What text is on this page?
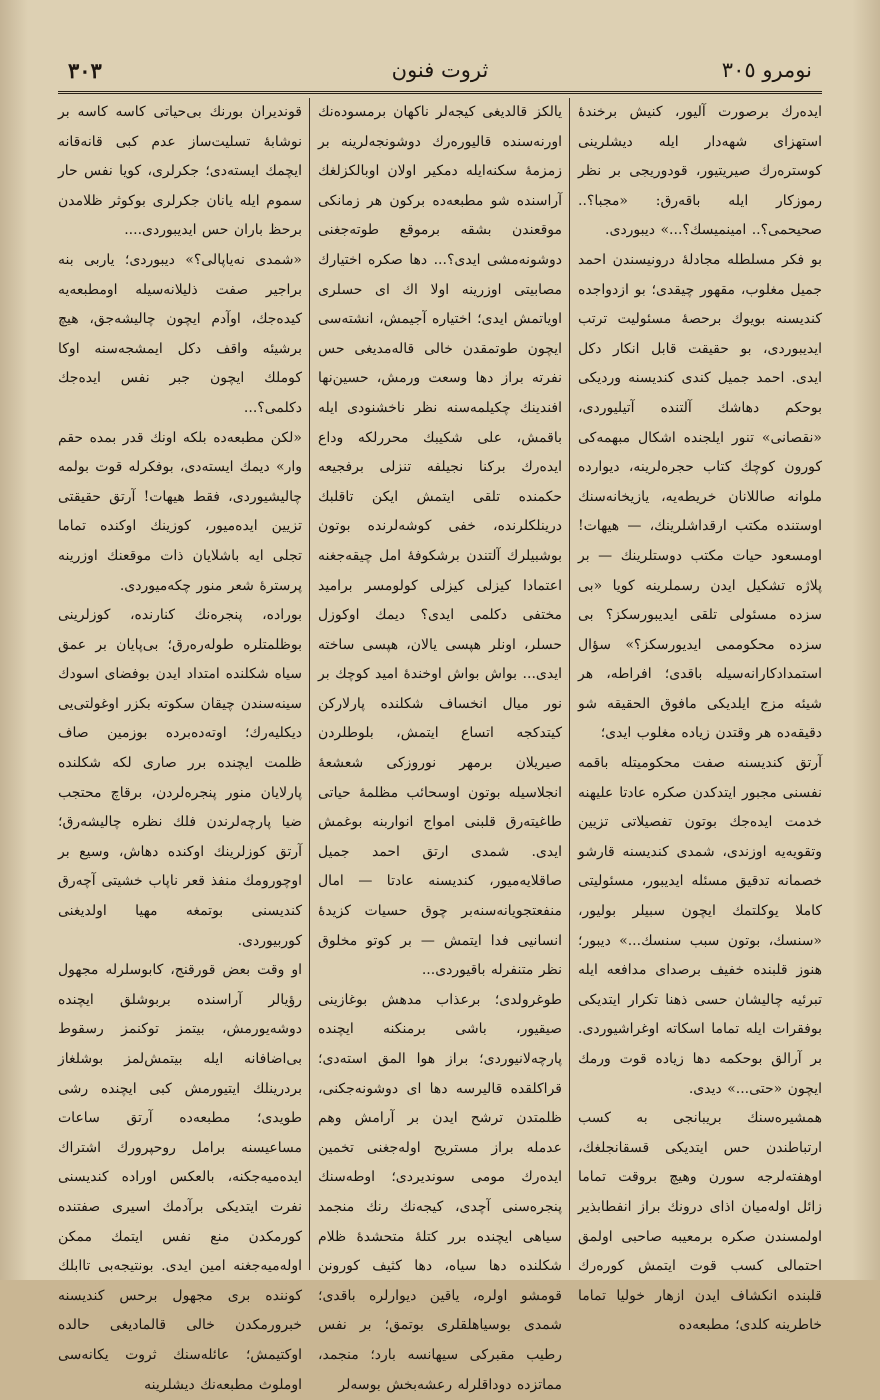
٣٠٣	ثروت فنون	نومرو ٣٠٥

ایده‌رك برصورت آلیور، كنیش برخنده‌ٔ استهزای شهه‌دار ایله دیشلرینی كوستره‌رك صیریتیور، قودوریجی بر نظر رموزكار ایله باقه‌رق: «مجبا؟.. صحیحمی؟.. امینمیسك؟...» دیبوردی.

بو فكر مسلطله مجادله‌ٔ درونیسندن احمد جمیل مغلوب، مقهور چیقدی؛ بو ازدواجده كندیسنه بویوك برحصه‌ٔ مسئولیت ترتب ایدیبوردی، بو حقیقت قابل انكار دكل ایدی. احمد جمیل كندی كندیسنه وردیكی بوحكم دهاشك آلتنده آتیلیوردی، «نقصانی» تنور ایلجنده اشكال مبهمه‌كی كورون كوچك كتاب حجره‌لرینه، دیوارده ملوانه صاللانان خریطه‌یه، یازیخانه‌سنك اوستنده مكتب ارقداشلرینك، — هیهات! اومسعود حیات مكتب دوستلرینك — بر پلاژه تشكیل ایدن رسملرینه كویا «بی سزده مسئولی تلقی ایدیبورسكز؟ بی سزده محكوممی ایدیورسكز؟» سؤال استمدادكارانه‌سیله باقدی؛ افراطه، هر شیئه مزج ایلدیكی مافوق الحقیقه شو دقیقه‌ده هر وقتدن زیاده مغلوب ایدی؛

آرتق كندیسنه صفت محكومیتله باقمه نفسنی مجبور ایتدكدن صكره عادتا علیهنه خدمت ایده‌جك بوتون تفصیلاتی تزیین وتقویه‌یه اوزندی، شمدی كندیسنه قارشو خصمانه تدقیق مسئله ایدیبور، مسئولیتی كاملا یوكلتمك ایچون سبیلر بولیور، «سنسك، بوتون سبب سنسك...» دیبور؛ هنوز قلبنده خفیف برصدای مدافعه ایله تبرئیه چالیشان حسی ذهنا تكرار ایتدیكی بوفقرات ایله تماما اسكاته اوغراشیوردی. بر آرالق بوحكمه دها زیاده قوت ورمك ایچون «حتی...» دیدی.

همشیره‌سنك بریبانجی به كسب ارتباطندن حس ایتدیكی قسقانجلغك، اوهفته‌لرجه سورن وهیچ بروقت تماما زائل اوله‌میان اذای درونك براز انفطابذیر اولمسندن صكره برمعیبه صاحبی اولمق احتمالی كسب قوت ایتمش كوره‌رك قلبنده انكشاف ایدن ازهار خولیا تماما خاطرینه كلدی؛ مطبعه‌ده

یالكز قالدیغی كیجه‌لر ناكهان برمسوده‌نك اورنه‌سنده قالیوره‌رك دوشونجه‌لرینه بر زمزمه‌ٔ سكنه‌ایله دمكیر اولان اوبالكزلغك آراسنده شو مطبعه‌ده بركون هر زمانكی موقعندن بشقه برموقع طوته‌جغنی دوشونه‌مشی ایدی؟... دها صكره اختیارك مصابیتی اوزرینه اولا اك ای حسلری اویاتمش ایدی؛ اختیاره آجیمش، انشته‌سی ایچون طوتمقدن خالی قاله‌مدیغی حس نفرته براز دها وسعت ورمش، حسین‌نها افندینك چكیلمه‌سنه نظر ناخشنودی ایله باقمش، علی شكیبك محررلكه وداع ایده‌رك بركنا نجیلفه تنزلی برفجیعه حكمنده تلقی ایتمش ایكن تاقلبك درینلكلرنده، خفی كوشه‌لرنده بوتون بوشبیلرك آلتندن برشكوفه‌ٔ امل چیقه‌جغنه اعتمادا كیزلی كیزلی كولومسر برامید مختفی دكلمی ایدی؟ دیمك اوكوزل حسلر، اونلر هپسی یالان، هپسی ساخته ایدی... بواش بواش اوخنده‌ٔ امید كوچك بر نور میال انخساف شكلنده پارلاركن كیتدكجه اتساع ایتمش، بلوطلردن صیریلان برمهر نوروزكی شعشعه‌ٔ انجلاسیله بوتون اوسحائب مظلمه‌ٔ حیاتی طاغیته‌رق قلبنی امواج انواربنه بوغمش ایدی. شمدی ارتق احمد جمیل صاقلایه‌میور، كندیسنه عادتا — امال منفعتجویانه‌سنه‌بر چوق حسیات كزیده‌ٔ انسانیی فدا ایتمش — بر كوتو مخلوق نظر متنفرله باقیوردی...

طوغرولدی؛ برعذاب مدهش بوغازینی صیقیور، باشی برمنكنه ایچنده پارچه‌لانیوردی؛ براز هوا المق استه‌دی؛ قراكلقده قالیرسه دها ای دوشونه‌جكنی، ظلمتدن ترشح ایدن بر آرامش وهم عدمله براز مستریح اوله‌جغنی تخمین ایده‌رك مومی سوندیردی؛ اوطه‌سنك پنجره‌سنی آچدی، كیجه‌نك رنك منجمد سیاهی ایچنده برر كتله‌ٔ متحشدهٔ ظلام شكلنده دها سیاه، دها كثیف كورونن قومشو اولره، یاقین دیوارلره باقدی؛ شمدی بوسیاهلقلری بوتمق؛ بر نفس رطیب مقبركی سیهانسه بارد؛ منجمد، مماتزده دوداقلرله رعشه‌بخش بوسه‌لر

قوندیران بورنك بی‌حیاتی كاسه كاسه بر نوشابه‌ٔ تسلیت‌ساز عدم كبی قانه‌قانه ایچمك ایسته‌دی؛ جكرلری، كویا نفس حار سموم ایله یانان جكرلری بوكوثر ظلامدن برحظ باران حس ایدیبوردی....

«شمدی نه‌یاپالی؟» دیبوردی؛ یاربی بنه براجیر صفت ذلیلانه‌سیله اومطبعه‌یه كیده‌جك، اوآدم ایچون چالیشه‌جق، هیچ برشیئه واقف دكل ایمشجه‌سنه اوكا كوملك ایچون جبر نفس ایده‌جك دكلمی؟...

«لكن مطبعه‌ده بلكه اونك قدر بمده حقم وار» دیمك ایسته‌دی، بوفكرله قوت بولمه چالیشیوردی، فقط هیهات! آرتق حقیقتی تزیین ایده‌میور، كوزینك اوكنده تماما تجلی ایه باشلایان ذات موقعنك اوزرینه پرستره‌ٔ شعر منور چكه‌میوردی.

بوراده، پنجره‌نك كنارنده، كوزلرینی بوظلمتلره طوله‌ره‌رق؛ بی‌پایان بر عمق سیاه شكلنده امتداد ایدن بوفضای اسودك سینه‌سندن چیقان سكوته بكزر اوغولتی‌یی دیكلیه‌رك؛ اوته‌ده‌برده بوزمین صاف ظلمت ایچنده برر صاری لكه شكلنده پارلایان منور پنجره‌لردن، برقاچ محتجب ضیا پارچه‌لرندن فلك نظره چالیشه‌رق؛ آرتق كوزلرینك اوكنده دهاش، وسیع بر اوچورومك منفذ قعر ناپاب خشیتی آچه‌رق كندیسنی بوتمغه مهیا اولدیغنی كوربیوردی.

او وقت بعض قورقنج، كابوسلرله مجهول رؤیالر آراسنده بربوشلق ایچنده دوشه‌یورمش، بیتمز توكنمز رسقوط بی‌اضافانه ایله بیتمش‌لمز بوشلغاز بردرینلك ایتیورمش كبی ایچنده رشی طویدی؛ مطبعه‌ده آرتق ساعات مساعیسنه برامل روحپرورك اشتراك ایده‌میه‌جكنه، بالعكس اوراده كندیسنی نفرت ایتدیكی برآدمك اسیری صفتنده كورمكدن منع نفس ایتمك ممكن اوله‌میه‌جغنه امین ایدی. بونتیجه‌بی تاابلك كوننده بری مجهول برحس كندیسنه خبرورمكدن خالی قالمادیغی حالده اوكتیمش؛ عائله‌سنك ثروت یكانه‌سی اوملوث مطبعه‌نك دیشلرینه
